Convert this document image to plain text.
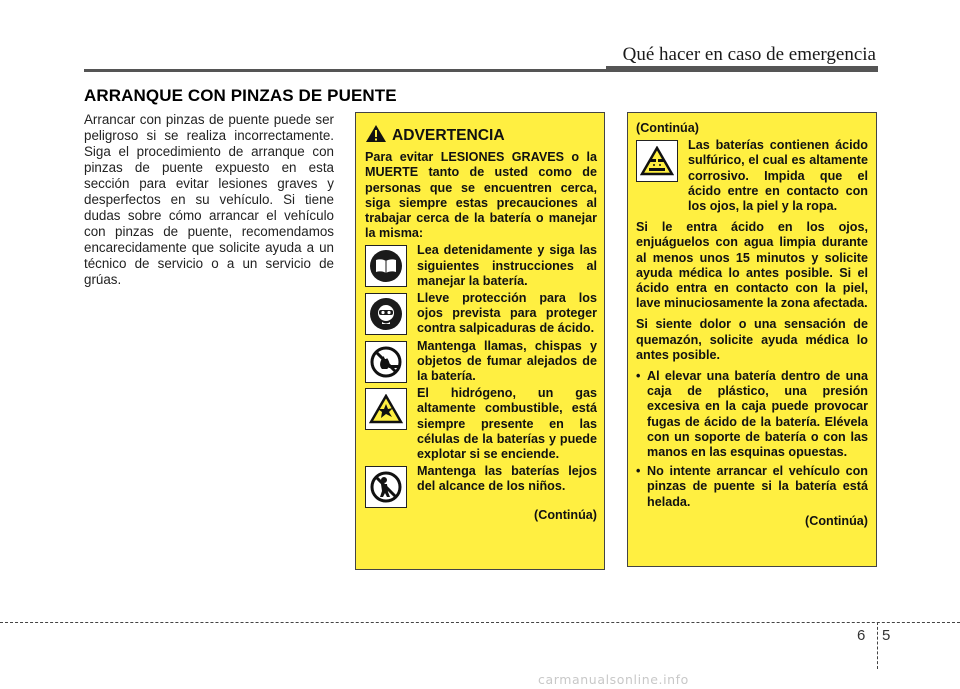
Qué hacer en caso de emergencia
ARRANQUE CON PINZAS DE PUENTE
Arrancar con pinzas de puente puede ser peligroso si se realiza incorrectamente. Siga el procedimiento de arranque con pinzas de puente expuesto en esta sección para evitar lesiones graves y desperfectos en su vehículo. Si tiene dudas sobre cómo arrancar el vehículo con pinzas de puente, recomendamos encarecidamente que solicite ayuda a un técnico de servicio o a un servicio de grúas.
ADVERTENCIA
Para evitar LESIONES GRAVES o la MUERTE tanto de usted como de personas que se encuentren cerca, siga siempre estas precauciones al trabajar cerca de la batería o manejar la misma:
Lea detenidamente y siga las siguientes instrucciones al manejar la batería.
Lleve protección para los ojos prevista para proteger contra salpicaduras de ácido.
Mantenga llamas, chispas y objetos de fumar alejados de la batería.
El hidrógeno, un gas altamente combustible, está siempre presente en las células de la baterías y puede explotar si se enciende.
Mantenga las baterías lejos del alcance de los niños.
(Continúa)
(Continúa)
Las baterías contienen ácido sulfúrico, el cual es altamente corrosivo. Impida que el ácido entre en contacto con los ojos, la piel y la ropa.
Si le entra ácido en los ojos, enjuáguelos con agua limpia durante al menos unos 15 minutos y solicite ayuda médica lo antes posible. Si el ácido entra en contacto con la piel, lave minuciosamente la zona afectada.
Si siente dolor o una sensación de quemazón, solicite ayuda médica lo antes posible.
• Al elevar una batería dentro de una caja de plástico, una presión excesiva en la caja puede provocar fugas de ácido de la batería. Elévela con un soporte de batería o con las manos en las esquinas opuestas.
• No intente arrancar el vehículo con pinzas de puente si la batería está helada.
(Continúa)
6 5
carmanualsonline.info
